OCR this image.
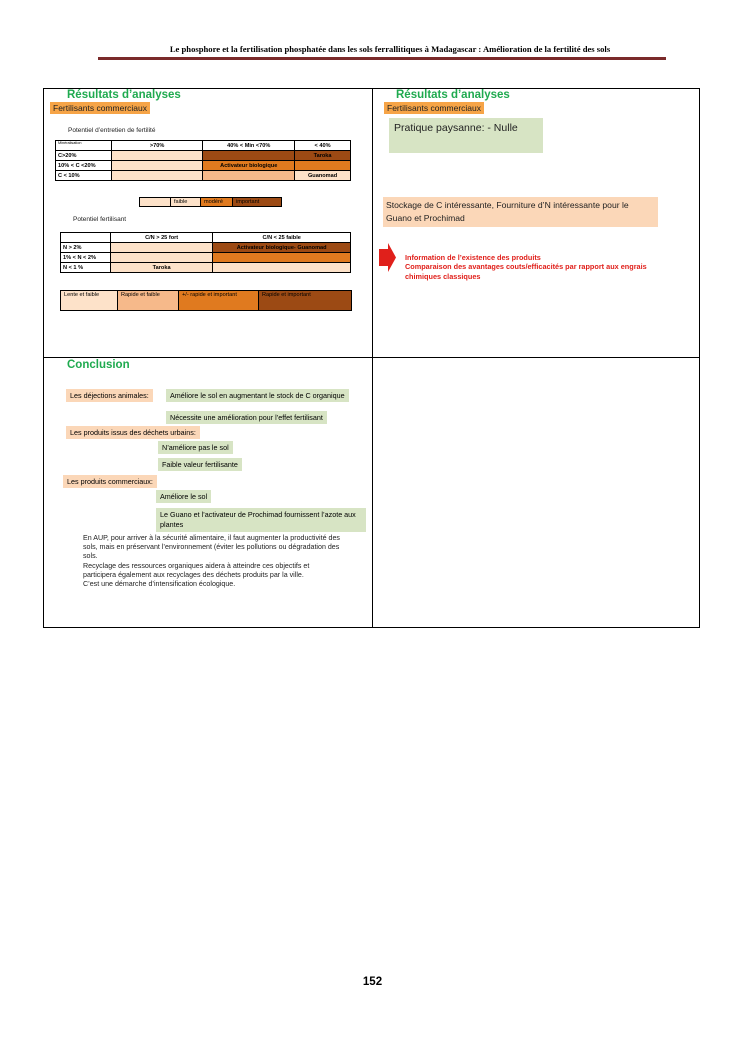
Le phosphore et la fertilisation phosphatée dans les sols ferrallitiques à Madagascar : Amélioration de la fertilité des sols
Résultats d’analyses
Fertilisants commerciaux
Potentiel d’entretien de fertilité
Minéralisation	>70%	40% < Min <70%	< 40%
C>20%			Taroka
10% < C <20%		Activateur biologique	
C < 10%			Guanomad
faible	modéré	important
Potentiel fertilisant
	C/N > 25 fort	C/N < 25 faible
N > 2%		Activateur biologique- Guanomad
1% < N < 2%		
N < 1 %	Taroka	
Lente et faible	Rapide et faible	+/- rapide et important	Rapide et important
Résultats d’analyses
Fertilisants commerciaux
Pratique paysanne: - Nulle
Stockage de C intéressante, Fourniture d’N intéressante pour le Guano et Prochimad
Information de l’existence des produits
Comparaison des avantages couts/efficacités par rapport aux engrais chimiques classiques
Conclusion
Les déjections animales:	Améliore le sol en augmentant le stock de C organique
Nécessite une amélioration pour l’effet fertilisant
Les produits issus des déchets urbains:
N’améliore pas le sol
Faible valeur fertilisante
Les produits commerciaux:
Améliore le sol
Le Guano et l’activateur de Prochimad fournissent l’azote aux plantes
En AUP, pour arriver à la sécurité alimentaire, il faut augmenter la productivité des sols, mais en préservant l’environnement (éviter les pollutions ou dégradation des sols.
Recyclage des ressources organiques aidera à atteindre ces objectifs et participera également aux recyclages des déchets produits par la ville.
C’est une démarche d’intensification écologique.
152
